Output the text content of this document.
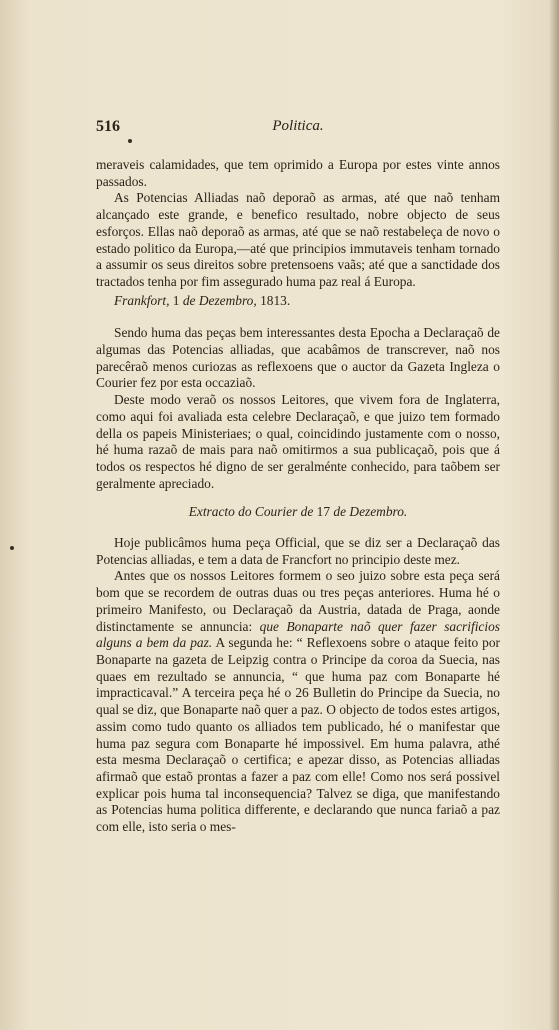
516	Politica.

meraveis calamidades, que tem oprimido a Europa por estes vinte annos passados.

As Potencias Alliadas naõ deporaõ as armas, até que naõ tenham alcançado este grande, e benefico resultado, nobre objecto de seus esforços. Ellas naõ deporaõ as armas, até que se naõ restabeleça de novo o estado politico da Europa,—até que principios immutaveis tenham tornado a assumir os seus direitos sobre pretensoens vaãs; até que a sanctidade dos tractados tenha por fim assegurado huma paz real á Europa.

Frankfort, 1 de Dezembro, 1813.

Sendo huma das peças bem interessantes desta Epocha a Declaraçaõ de algumas das Potencias alliadas, que acabâmos de transcrever, naõ nos parecêraõ menos curiozas as reflexoens que o auctor da Gazeta Ingleza o Courier fez por esta occaziaõ.

Deste modo veraõ os nossos Leitores, que vivem fora de Inglaterra, como aqui foi avaliada esta celebre Declaraçaõ, e que juizo tem formado della os papeis Ministeriaes; o qual, coincidindo justamente com o nosso, hé huma razaõ de mais para naõ omitirmos a sua publicaçaõ, pois que á todos os respectos hé digno de ser geralménte conhecido, para taõbem ser geralmente apreciado.

Extracto do Courier de 17 de Dezembro.

Hoje publicâmos huma peça Official, que se diz ser a Declaraçaõ das Potencias alliadas, e tem a data de Francfort no principio deste mez.

Antes que os nossos Leitores formem o seo juizo sobre esta peça será bom que se recordem de outras duas ou tres peças anteriores. Huma hé o primeiro Manifesto, ou Declaraçaõ da Austria, datada de Praga, aonde distinctamente se annuncia: que Bonaparte naõ quer fazer sacrificios alguns a bem da paz. A segunda he: “ Reflexoens sobre o ataque feito por Bonaparte na gazeta de Leipzig contra o Principe da coroa da Suecia, nas quaes em rezultado se annuncia, “ que huma paz com Bonaparte hé impracticaval.” A terceira peça hé o 26 Bulletin do Principe da Suecia, no qual se diz, que Bonaparte naõ quer a paz. O objecto de todos estes artigos, assim como tudo quanto os alliados tem publicado, hé o manifestar que huma paz segura com Bonaparte hé impossivel. Em huma palavra, athé esta mesma Declaraçaõ o certifica; e apezar disso, as Potencias alliadas afirmaõ que estaõ prontas a fazer a paz com elle! Como nos será possivel explicar pois huma tal inconsequencia? Talvez se diga, que manifestando as Potencias huma politica differente, e declarando que nunca fariaõ a paz com elle, isto seria o mes-
